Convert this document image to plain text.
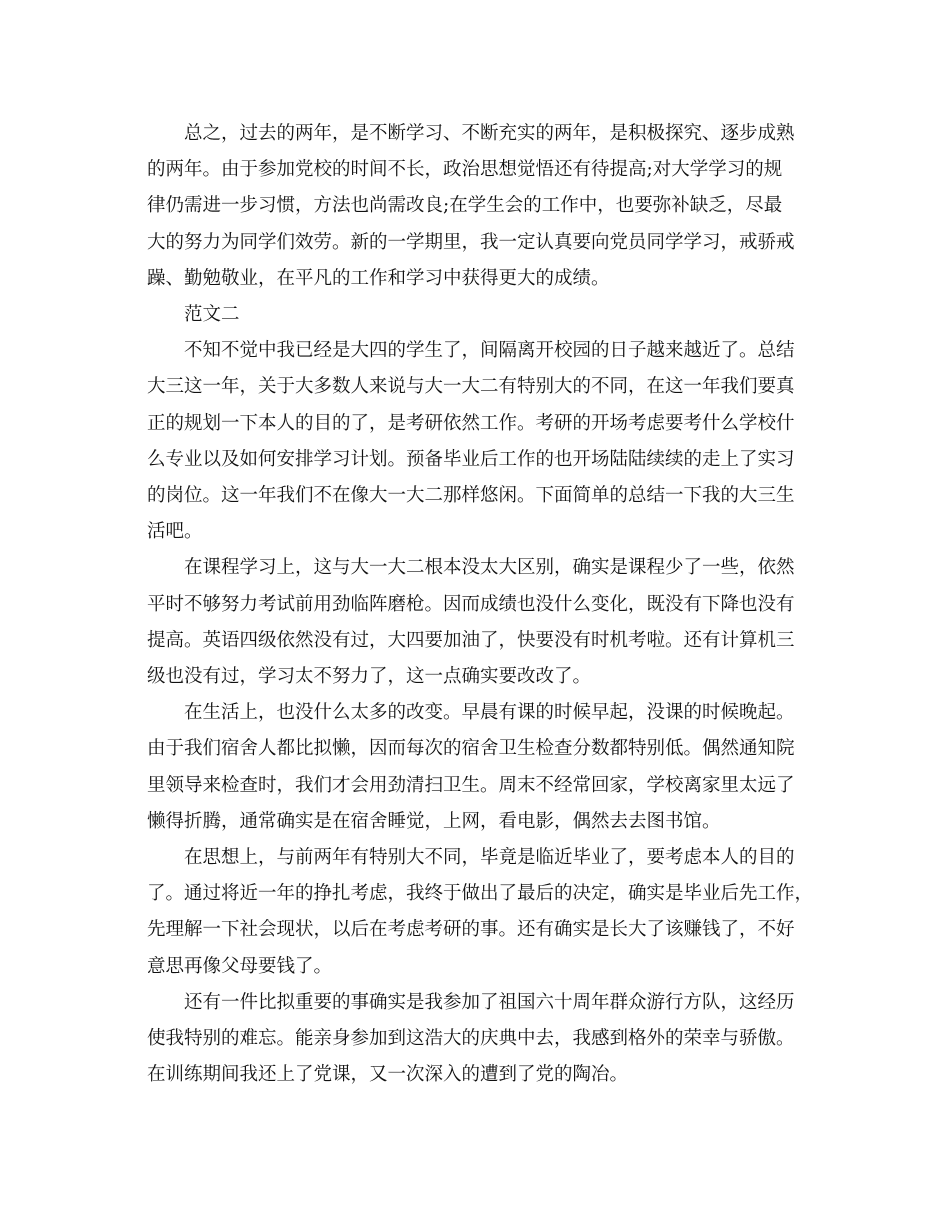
总之，过去的两年，是不断学习、不断充实的两年，是积极探究、逐步成熟
的两年。由于参加党校的时间不长，政治思想觉悟还有待提高;对大学学习的规
律仍需进一步习惯，方法也尚需改良;在学生会的工作中，也要弥补缺乏，尽最
大的努力为同学们效劳。新的一学期里，我一定认真要向党员同学学习，戒骄戒
躁、勤勉敬业，在平凡的工作和学习中获得更大的成绩。
范文二
不知不觉中我已经是大四的学生了，间隔离开校园的日子越来越近了。总结
大三这一年，关于大多数人来说与大一大二有特别大的不同，在这一年我们要真
正的规划一下本人的目的了，是考研依然工作。考研的开场考虑要考什么学校什
么专业以及如何安排学习计划。预备毕业后工作的也开场陆陆续续的走上了实习
的岗位。这一年我们不在像大一大二那样悠闲。下面简单的总结一下我的大三生
活吧。
在课程学习上，这与大一大二根本没太大区别，确实是课程少了一些，依然
平时不够努力考试前用劲临阵磨枪。因而成绩也没什么变化，既没有下降也没有
提高。英语四级依然没有过，大四要加油了，快要没有时机考啦。还有计算机三
级也没有过，学习太不努力了，这一点确实要改改了。
在生活上，也没什么太多的改变。早晨有课的时候早起，没课的时候晚起。
由于我们宿舍人都比拟懒，因而每次的宿舍卫生检查分数都特别低。偶然通知院
里领导来检查时，我们才会用劲清扫卫生。周末不经常回家，学校离家里太远了
懒得折腾，通常确实是在宿舍睡觉，上网，看电影，偶然去去图书馆。
在思想上，与前两年有特别大不同，毕竟是临近毕业了，要考虑本人的目的
了。通过将近一年的挣扎考虑，我终于做出了最后的决定，确实是毕业后先工作，
先理解一下社会现状，以后在考虑考研的事。还有确实是长大了该赚钱了，不好
意思再像父母要钱了。
还有一件比拟重要的事确实是我参加了祖国六十周年群众游行方队，这经历
使我特别的难忘。能亲身参加到这浩大的庆典中去，我感到格外的荣幸与骄傲。
在训练期间我还上了党课，又一次深入的遭到了党的陶冶。
